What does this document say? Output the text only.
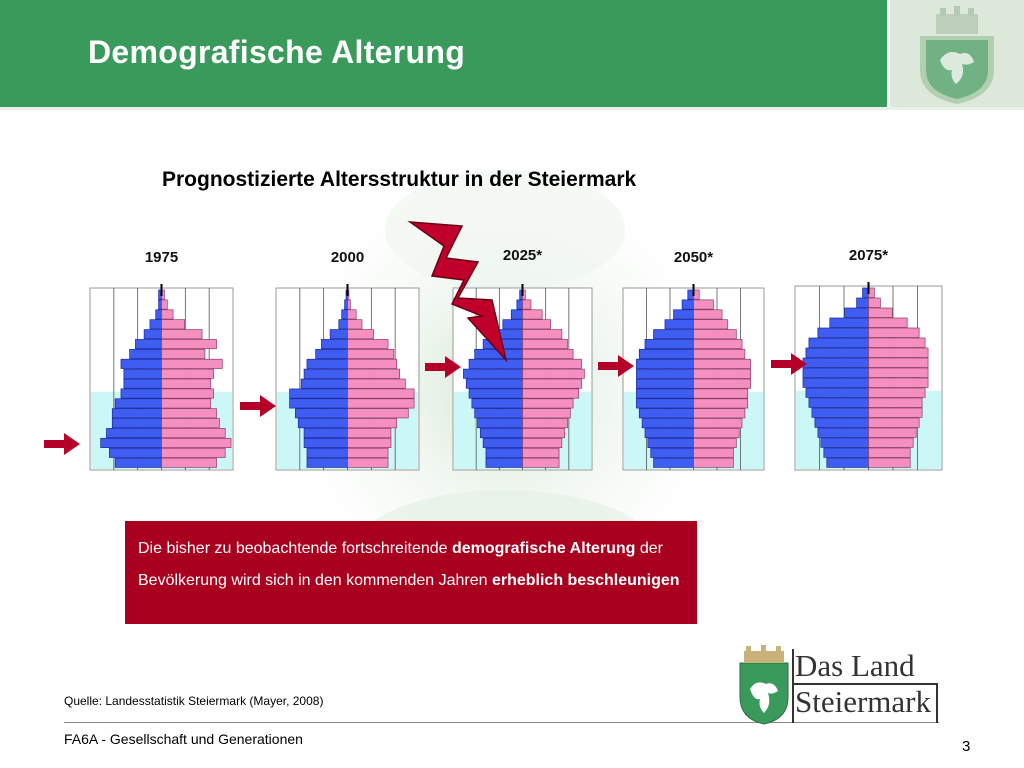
Demografische Alterung
Prognostizierte Altersstruktur in der Steiermark
1975	2000	2025*	2050*	2075*
Die bisher zu beobachtende fortschreitende demografische Alterung der Bevölkerung wird sich in den kommenden Jahren erheblich beschleunigen
Quelle: Landesstatistik Steiermark (Mayer, 2008)
FA6A - Gesellschaft und Generationen	3
Das Land
Steiermark
